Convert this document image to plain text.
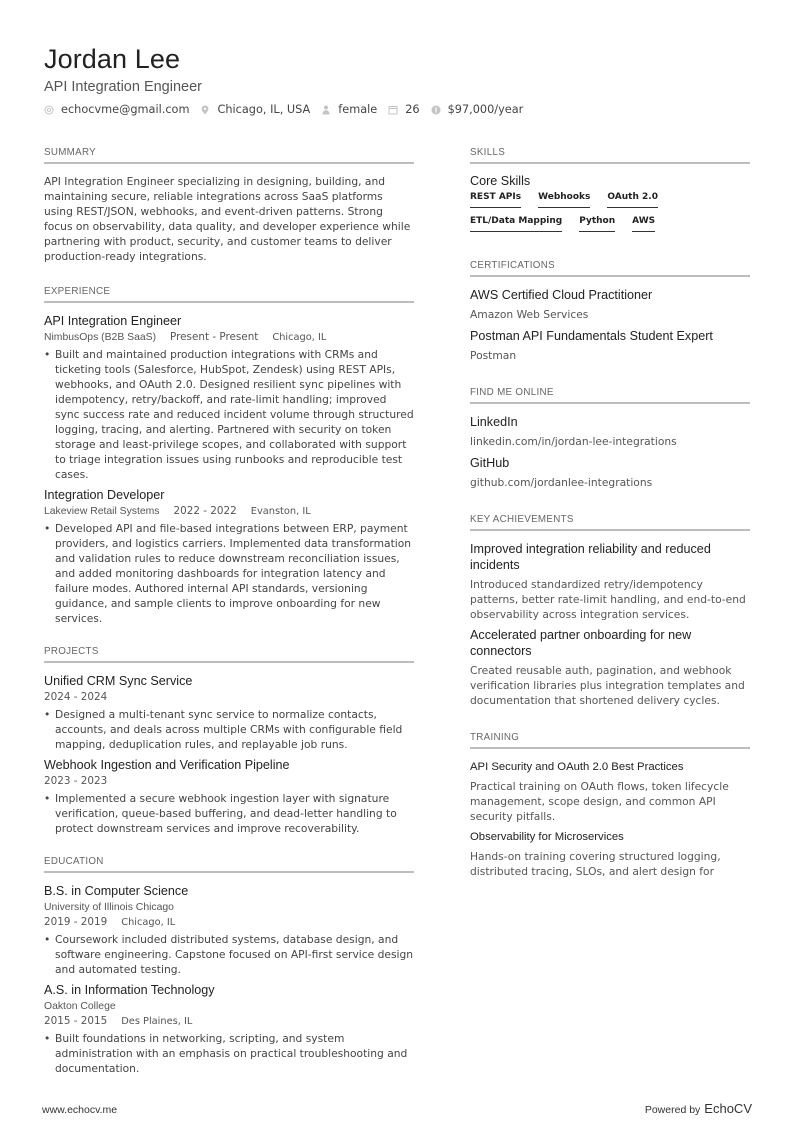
Jordan Lee
API Integration Engineer
echocvme@gmail.com Chicago, IL, USA female 26 $97,000/year
SUMMARY
API Integration Engineer specializing in designing, building, and maintaining secure, reliable integrations across SaaS platforms using REST/JSON, webhooks, and event-driven patterns. Strong focus on observability, data quality, and developer experience while partnering with product, security, and customer teams to deliver production-ready integrations.
EXPERIENCE
API Integration Engineer
NimbusOps (B2B SaaS) Present - Present Chicago, IL
• Built and maintained production integrations with CRMs and ticketing tools (Salesforce, HubSpot, Zendesk) using REST APIs, webhooks, and OAuth 2.0. Designed resilient sync pipelines with idempotency, retry/backoff, and rate-limit handling; improved sync success rate and reduced incident volume through structured logging, tracing, and alerting. Partnered with security on token storage and least-privilege scopes, and collaborated with support to triage integration issues using runbooks and reproducible test cases.
Integration Developer
Lakeview Retail Systems 2022 - 2022 Evanston, IL
• Developed API and file-based integrations between ERP, payment providers, and logistics carriers. Implemented data transformation and validation rules to reduce downstream reconciliation issues, and added monitoring dashboards for integration latency and failure modes. Authored internal API standards, versioning guidance, and sample clients to improve onboarding for new services.
PROJECTS
Unified CRM Sync Service
2024 - 2024
• Designed a multi-tenant sync service to normalize contacts, accounts, and deals across multiple CRMs with configurable field mapping, deduplication rules, and replayable job runs.
Webhook Ingestion and Verification Pipeline
2023 - 2023
• Implemented a secure webhook ingestion layer with signature verification, queue-based buffering, and dead-letter handling to protect downstream services and improve recoverability.
EDUCATION
B.S. in Computer Science
University of Illinois Chicago
2019 - 2019 Chicago, IL
• Coursework included distributed systems, database design, and software engineering. Capstone focused on API-first service design and automated testing.
A.S. in Information Technology
Oakton College
2015 - 2015 Des Plaines, IL
• Built foundations in networking, scripting, and system administration with an emphasis on practical troubleshooting and documentation.
SKILLS
Core Skills
REST APIs Webhooks OAuth 2.0
ETL/Data Mapping Python AWS
CERTIFICATIONS
AWS Certified Cloud Practitioner
Amazon Web Services
Postman API Fundamentals Student Expert
Postman
FIND ME ONLINE
LinkedIn
linkedin.com/in/jordan-lee-integrations
GitHub
github.com/jordanlee-integrations
KEY ACHIEVEMENTS
Improved integration reliability and reduced incidents
Introduced standardized retry/idempotency patterns, better rate-limit handling, and end-to-end observability across integration services.
Accelerated partner onboarding for new connectors
Created reusable auth, pagination, and webhook verification libraries plus integration templates and documentation that shortened delivery cycles.
TRAINING
API Security and OAuth 2.0 Best Practices
Practical training on OAuth flows, token lifecycle management, scope design, and common API security pitfalls.
Observability for Microservices
Hands-on training covering structured logging, distributed tracing, SLOs, and alert design for
www.echocv.me	Powered by EchoCV
